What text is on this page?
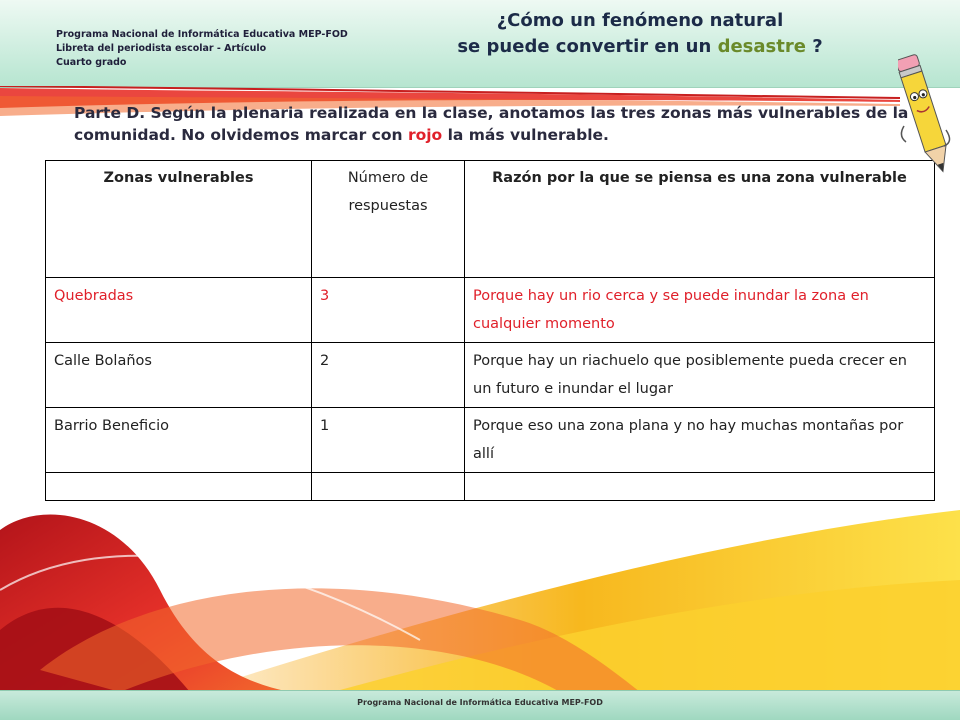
Programa Nacional de Informática Educativa MEP-FOD
Libreta del periodista escolar - Artículo
Cuarto grado
¿Cómo un fenómeno natural
se puede convertir en un desastre ?
Parte D. Según la plenaria realizada en la clase, anotamos las tres zonas más vulnerables de la comunidad. No olvidemos marcar con rojo la más vulnerable.
Zonas vulnerables	Número de respuestas	Razón por la que se piensa es una zona vulnerable
Quebradas	3	Porque hay un rio cerca y se puede inundar la zona en cualquier momento
Calle Bolaños	2	Porque hay un riachuelo que posiblemente pueda crecer en un futuro e inundar el lugar
Barrio Beneficio	1	Porque eso una zona plana y no hay muchas montañas por allí

Programa Nacional de Informática Educativa MEP-FOD
